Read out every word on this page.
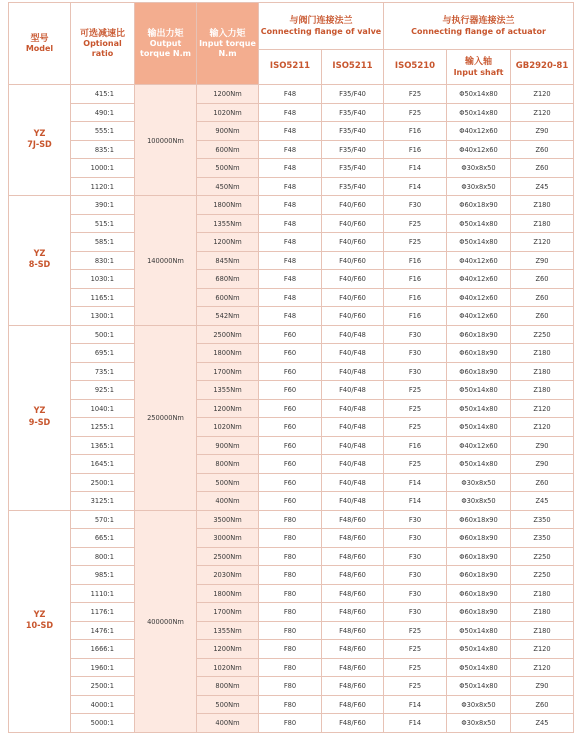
型号
Model	可选减速比
Optional
ratio	输出力矩
Output
torque N.m	输入力矩
Input torque
N.m	与阀门连接法兰
Connecting flange of valve		与执行器连接法兰
Connecting flange of actuator		

				ISO5211	ISO5211	ISO5210	输入轴
Input shaft	GB2920-81

YZ
7J-SD	415:1	100000Nm	1200Nm	F48	F35/F40	F25	Φ50x14x80	Z120
	490:1		1020Nm	F48	F35/F40	F25	Φ50x14x80	Z120
	555:1		900Nm	F48	F35/F40	F16	Φ40x12x60	Z90
	835:1		600Nm	F48	F35/F40	F16	Φ40x12x60	Z60
	1000:1		500Nm	F48	F35/F40	F14	Φ30x8x50	Z60
	1120:1		450Nm	F48	F35/F40	F14	Φ30x8x50	Z45

YZ
8-SD	390:1	140000Nm	1800Nm	F48	F40/F60	F30	Φ60x18x90	Z180
	515:1		1355Nm	F48	F40/F60	F25	Φ50x14x80	Z180
	585:1		1200Nm	F48	F40/F60	F25	Φ50x14x80	Z120
	830:1		845Nm	F48	F40/F60	F16	Φ40x12x60	Z90
	1030:1		680Nm	F48	F40/F60	F16	Φ40x12x60	Z60
	1165:1		600Nm	F48	F40/F60	F16	Φ40x12x60	Z60
	1300:1		542Nm	F48	F40/F60	F16	Φ40x12x60	Z60

YZ
9-SD	500:1	250000Nm	2500Nm	F60	F40/F48	F30	Φ60x18x90	Z250
	695:1		1800Nm	F60	F40/F48	F30	Φ60x18x90	Z180
	735:1		1700Nm	F60	F40/F48	F30	Φ60x18x90	Z180
	925:1		1355Nm	F60	F40/F48	F25	Φ50x14x80	Z180
	1040:1		1200Nm	F60	F40/F48	F25	Φ50x14x80	Z120
	1255:1		1020Nm	F60	F40/F48	F25	Φ50x14x80	Z120
	1365:1		900Nm	F60	F40/F48	F16	Φ40x12x60	Z90
	1645:1		800Nm	F60	F40/F48	F25	Φ50x14x80	Z90
	2500:1		500Nm	F60	F40/F48	F14	Φ30x8x50	Z60
	3125:1		400Nm	F60	F40/F48	F14	Φ30x8x50	Z45

YZ
10-SD	570:1	400000Nm	3500Nm	F80	F48/F60	F30	Φ60x18x90	Z350
	665:1		3000Nm	F80	F48/F60	F30	Φ60x18x90	Z350
	800:1		2500Nm	F80	F48/F60	F30	Φ60x18x90	Z250
	985:1		2030Nm	F80	F48/F60	F30	Φ60x18x90	Z250
	1110:1		1800Nm	F80	F48/F60	F30	Φ60x18x90	Z180
	1176:1		1700Nm	F80	F48/F60	F30	Φ60x18x90	Z180
	1476:1		1355Nm	F80	F48/F60	F25	Φ50x14x80	Z180
	1666:1		1200Nm	F80	F48/F60	F25	Φ50x14x80	Z120
	1960:1		1020Nm	F80	F48/F60	F25	Φ50x14x80	Z120
	2500:1		800Nm	F80	F48/F60	F25	Φ50x14x80	Z90
	4000:1		500Nm	F80	F48/F60	F14	Φ30x8x50	Z60
	5000:1		400Nm	F80	F48/F60	F14	Φ30x8x50	Z45
